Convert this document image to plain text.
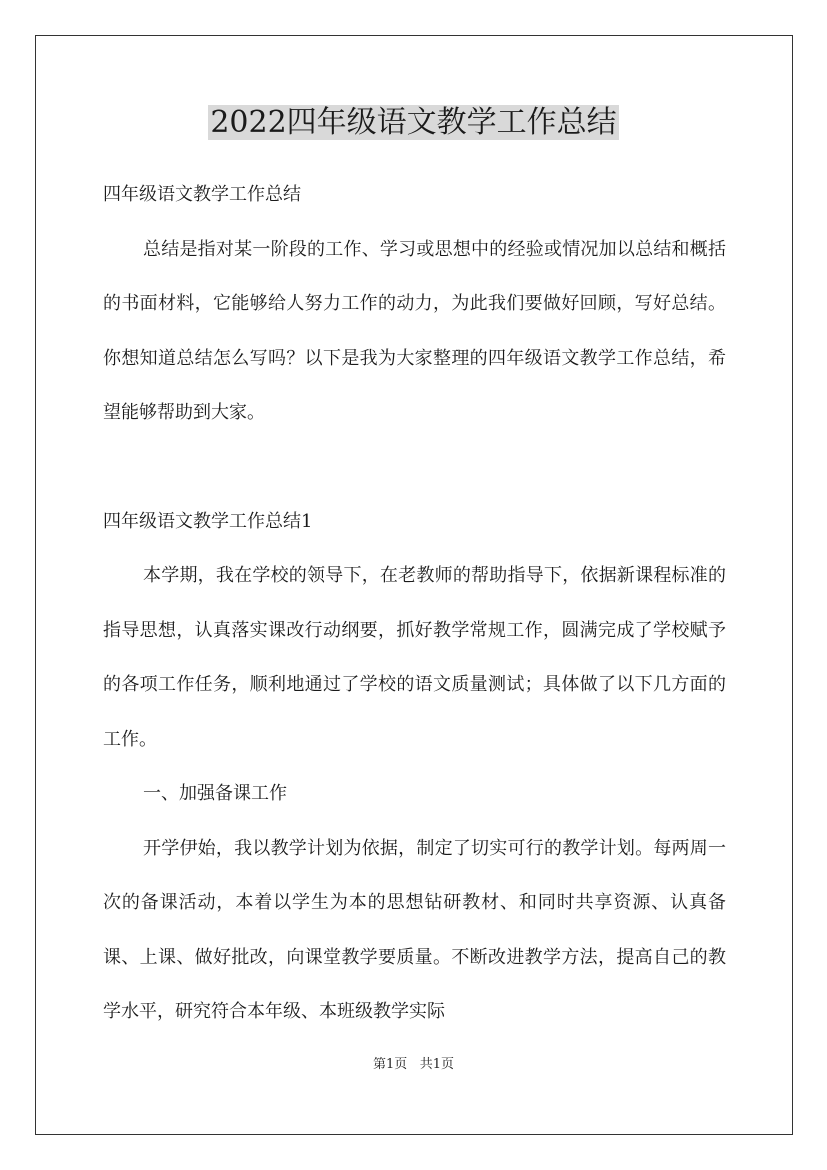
2022四年级语文教学工作总结

四年级语文教学工作总结

总结是指对某一阶段的工作、学习或思想中的经验或情况加以总结和概括的书面材料，它能够给人努力工作的动力，为此我们要做好回顾，写好总结。你想知道总结怎么写吗？以下是我为大家整理的四年级语文教学工作总结，希望能够帮助到大家。

四年级语文教学工作总结1

本学期，我在学校的领导下，在老教师的帮助指导下，依据新课程标准的指导思想，认真落实课改行动纲要，抓好教学常规工作，圆满完成了学校赋予的各项工作任务，顺利地通过了学校的语文质量测试；具体做了以下几方面的工作。

一、加强备课工作

开学伊始，我以教学计划为依据，制定了切实可行的教学计划。每两周一次的备课活动，本着以学生为本的思想钻研教材、和同时共享资源、认真备课、上课、做好批改，向课堂教学要质量。不断改进教学方法，提高自己的教学水平，研究符合本年级、本班级教学实际

第1页 共1页
